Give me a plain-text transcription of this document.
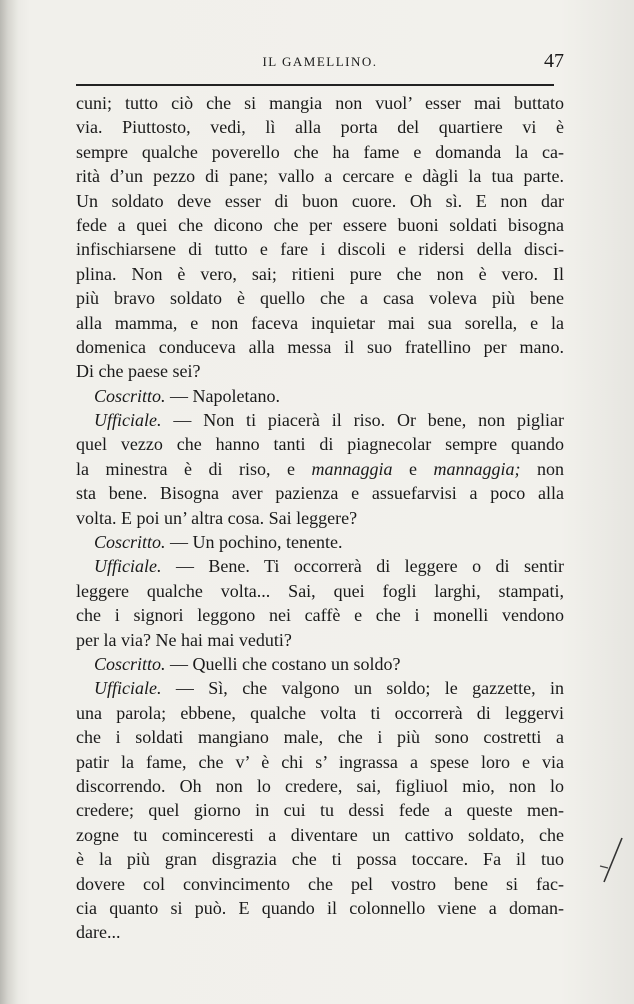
IL GAMELLINO.	47
cuni; tutto ciò che si mangia non vuol’ esser mai buttato
via. Piuttosto, vedi, lì alla porta del quartiere vi è
sempre qualche poverello che ha fame e domanda la ca-
rità d’un pezzo di pane; vallo a cercare e dàgli la tua parte.
Un soldato deve esser di buon cuore. Oh sì. E non dar
fede a quei che dicono che per essere buoni soldati bisogna
infischiarsene di tutto e fare i discoli e ridersi della disci-
plina. Non è vero, sai; ritieni pure che non è vero. Il
più bravo soldato è quello che a casa voleva più bene
alla mamma, e non faceva inquietar mai sua sorella, e la
domenica conduceva alla messa il suo fratellino per mano.
Di che paese sei?
Coscritto. — Napoletano.
Ufficiale. — Non ti piacerà il riso. Or bene, non pigliar
quel vezzo che hanno tanti di piagnecolar sempre quando
la minestra è di riso, e mannaggia e mannaggia; non
sta bene. Bisogna aver pazienza e assuefarvisi a poco alla
volta. E poi un’ altra cosa. Sai leggere?
Coscritto. — Un pochino, tenente.
Ufficiale. — Bene. Ti occorrerà di leggere o di sentir
leggere qualche volta... Sai, quei fogli larghi, stampati,
che i signori leggono nei caffè e che i monelli vendono
per la via? Ne hai mai veduti?
Coscritto. — Quelli che costano un soldo?
Ufficiale. — Sì, che valgono un soldo; le gazzette, in
una parola; ebbene, qualche volta ti occorrerà di leggervi
che i soldati mangiano male, che i più sono costretti a
patir la fame, che v’ è chi s’ ingrassa a spese loro e via
discorrendo. Oh non lo credere, sai, figliuol mio, non lo
credere; quel giorno in cui tu dessi fede a queste men-
zogne tu cominceresti a diventare un cattivo soldato, che
è la più gran disgrazia che ti possa toccare. Fa il tuo
dovere col convincimento che pel vostro bene si fac-
cia quanto si può. E quando il colonnello viene a doman-
dare...
